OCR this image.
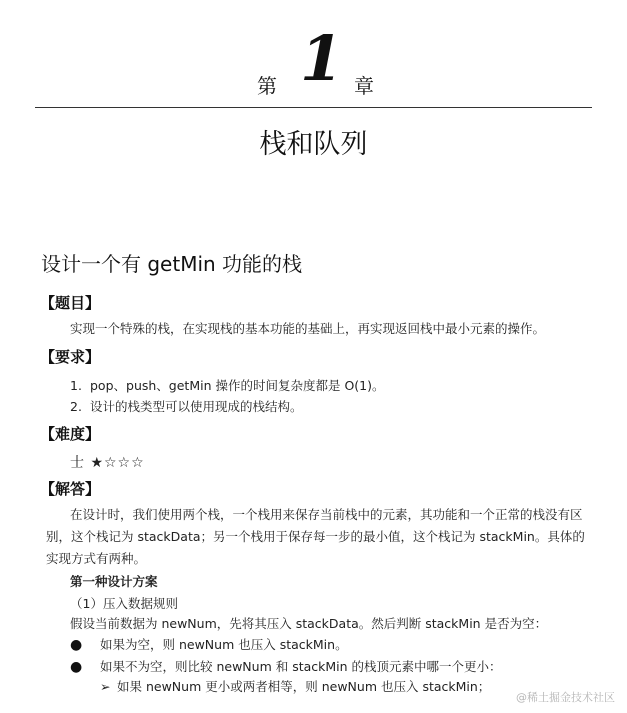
第 1 章
栈和队列
设计一个有 getMin 功能的栈
【题目】
实现一个特殊的栈，在实现栈的基本功能的基础上，再实现返回栈中最小元素的操作。
【要求】
1. pop、push、getMin 操作的时间复杂度都是 O(1)。
2. 设计的栈类型可以使用现成的栈结构。
【难度】
士 ★☆☆☆
【解答】
在设计时，我们使用两个栈，一个栈用来保存当前栈中的元素，其功能和一个正常的栈没有区别，这个栈记为 stackData；另一个栈用于保存每一步的最小值，这个栈记为 stackMin。具体的实现方式有两种。
第一种设计方案
（1）压入数据规则
假设当前数据为 newNum，先将其压入 stackData。然后判断 stackMin 是否为空：
● 如果为空，则 newNum 也压入 stackMin。
● 如果不为空，则比较 newNum 和 stackMin 的栈顶元素中哪一个更小：
➢ 如果 newNum 更小或两者相等，则 newNum 也压入 stackMin；
@稀土掘金技术社区
